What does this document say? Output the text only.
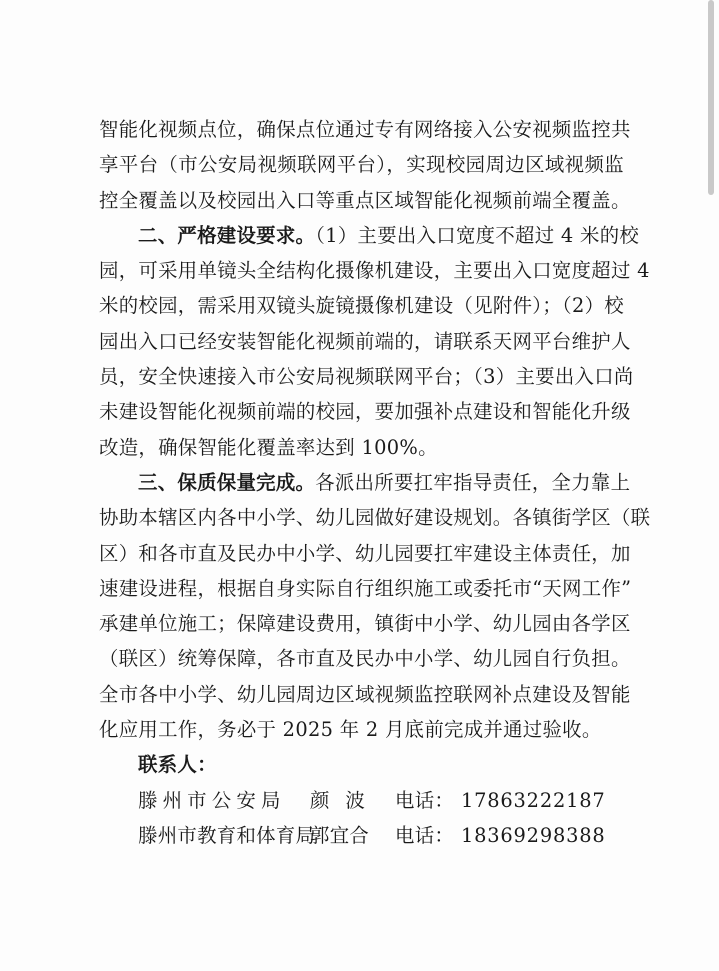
智能化视频点位，确保点位通过专有网络接入公安视频监控共
享平台（市公安局视频联网平台），实现校园周边区域视频监
控全覆盖以及校园出入口等重点区域智能化视频前端全覆盖。

二、严格建设要求。（1）主要出入口宽度不超过 4 米的校
园，可采用单镜头全结构化摄像机建设，主要出入口宽度超过 4
米的校园，需采用双镜头旋镜摄像机建设（见附件）；（2）校
园出入口已经安装智能化视频前端的，请联系天网平台维护人
员，安全快速接入市公安局视频联网平台；（3）主要出入口尚
未建设智能化视频前端的校园，要加强补点建设和智能化升级
改造，确保智能化覆盖率达到 100%。

三、保质保量完成。各派出所要扛牢指导责任，全力靠上
协助本辖区内各中小学、幼儿园做好建设规划。各镇街学区（联
区）和各市直及民办中小学、幼儿园要扛牢建设主体责任，加
速建设进程，根据自身实际自行组织施工或委托市“天网工作”
承建单位施工；保障建设费用，镇街中小学、幼儿园由各学区
（联区）统筹保障，各市直及民办中小学、幼儿园自行负担。
全市各中小学、幼儿园周边区域视频监控联网补点建设及智能
化应用工作，务必于 2025 年 2 月底前完成并通过验收。

联系人：
滕州市公安局	颜波 电话： 17863222187
滕州市教育和体育局
郭宜合	电话： 18369298388
